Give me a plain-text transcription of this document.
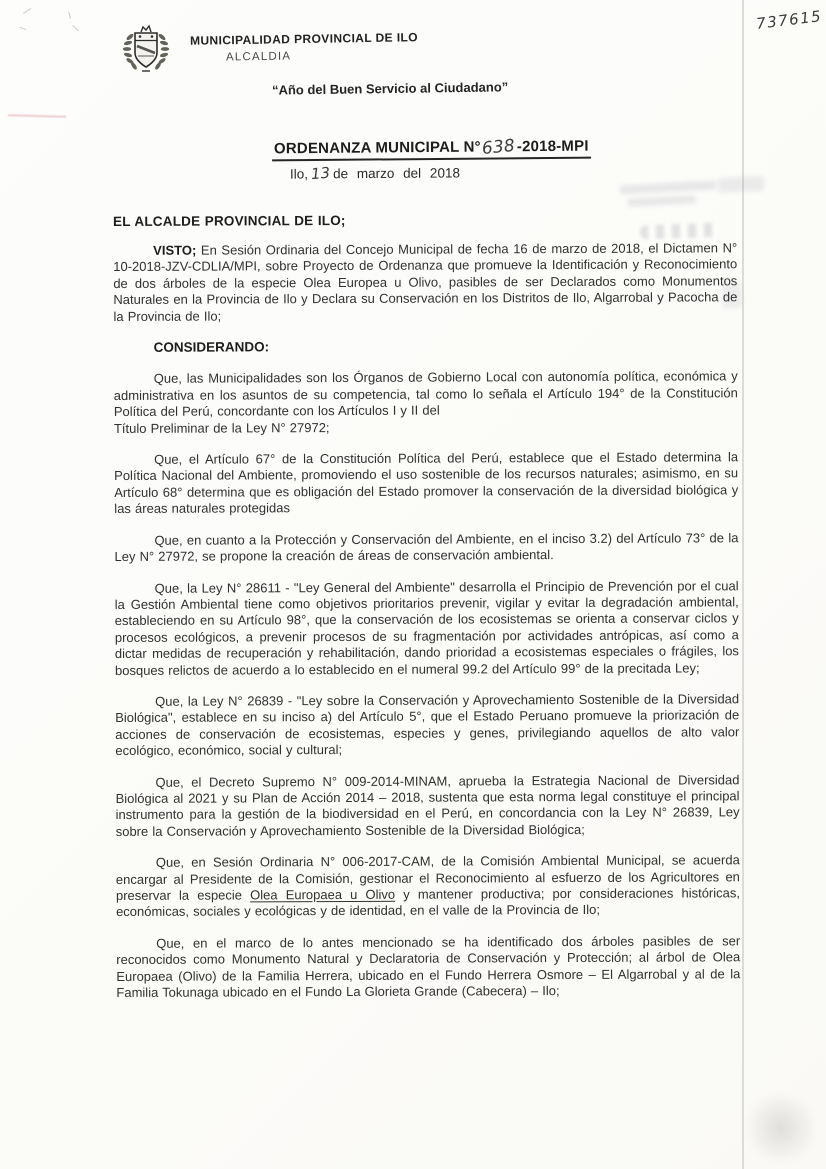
737615
MUNICIPALIDAD PROVINCIAL DE ILO
ALCALDIA
“Año del Buen Servicio al Ciudadano”
ORDENANZA MUNICIPAL N°638-2018-MPI
Ilo, 13 de marzo del 2018
EL ALCALDE PROVINCIAL DE ILO;

VISTO; En Sesión Ordinaria del Concejo Municipal de fecha 16 de marzo de 2018, el Dictamen N° 10-2018-JZV-CDLIA/MPI, sobre Proyecto de Ordenanza que promueve la Identificación y Reconocimiento de dos árboles de la especie Olea Europea u Olivo, pasibles de ser Declarados como Monumentos Naturales en la Provincia de Ilo y Declara su Conservación en los Distritos de Ilo, Algarrobal y Pacocha de la Provincia de Ilo;

CONSIDERANDO:

Que, las Municipalidades son los Órganos de Gobierno Local con autonomía política, económica y administrativa en los asuntos de su competencia, tal como lo señala el Artículo 194° de la Constitución Política del Perú, concordante con los Artículos I y II del
Título Preliminar de la Ley N° 27972;

Que, el Artículo 67° de la Constitución Política del Perú, establece que el Estado determina la Política Nacional del Ambiente, promoviendo el uso sostenible de los recursos naturales; asimismo, en su Artículo 68° determina que es obligación del Estado promover la conservación de la diversidad biológica y las áreas naturales protegidas

Que, en cuanto a la Protección y Conservación del Ambiente, en el inciso 3.2) del Artículo 73° de la Ley N° 27972, se propone la creación de áreas de conservación ambiental.

Que, la Ley N° 28611 - "Ley General del Ambiente" desarrolla el Principio de Prevención por el cual la Gestión Ambiental tiene como objetivos prioritarios prevenir, vigilar y evitar la degradación ambiental, estableciendo en su Artículo 98°, que la conservación de los ecosistemas se orienta a conservar ciclos y procesos ecológicos, a prevenir procesos de su fragmentación por actividades antrópicas, así como a dictar medidas de recuperación y rehabilitación, dando prioridad a ecosistemas especiales o frágiles, los bosques relictos de acuerdo a lo establecido en el numeral 99.2 del Artículo 99° de la precitada Ley;

Que, la Ley N° 26839 - "Ley sobre la Conservación y Aprovechamiento Sostenible de la Diversidad Biológica", establece en su inciso a) del Artículo 5°, que el Estado Peruano promueve la priorización de acciones de conservación de ecosistemas, especies y genes, privilegiando aquellos de alto valor ecológico, económico, social y cultural;

Que, el Decreto Supremo N° 009-2014-MINAM, aprueba la Estrategia Nacional de Diversidad Biológica al 2021 y su Plan de Acción 2014 – 2018, sustenta que esta norma legal constituye el principal instrumento para la gestión de la biodiversidad en el Perú, en concordancia con la Ley N° 26839, Ley sobre la Conservación y Aprovechamiento Sostenible de la Diversidad Biológica;

Que, en Sesión Ordinaria N° 006-2017-CAM, de la Comisión Ambiental Municipal, se acuerda encargar al Presidente de la Comisión, gestionar el Reconocimiento al esfuerzo de los Agricultores en preservar la especie Olea Europaea u Olivo y mantener productiva; por consideraciones históricas, económicas, sociales y ecológicas y de identidad, en el valle de la Provincia de Ilo;

Que, en el marco de lo antes mencionado se ha identificado dos árboles pasibles de ser reconocidos como Monumento Natural y Declaratoria de Conservación y Protección; al árbol de Olea Europaea (Olivo) de la Familia Herrera, ubicado en el Fundo Herrera Osmore – El Algarrobal y al de la Familia Tokunaga ubicado en el Fundo La Glorieta Grande (Cabecera) – Ilo;
